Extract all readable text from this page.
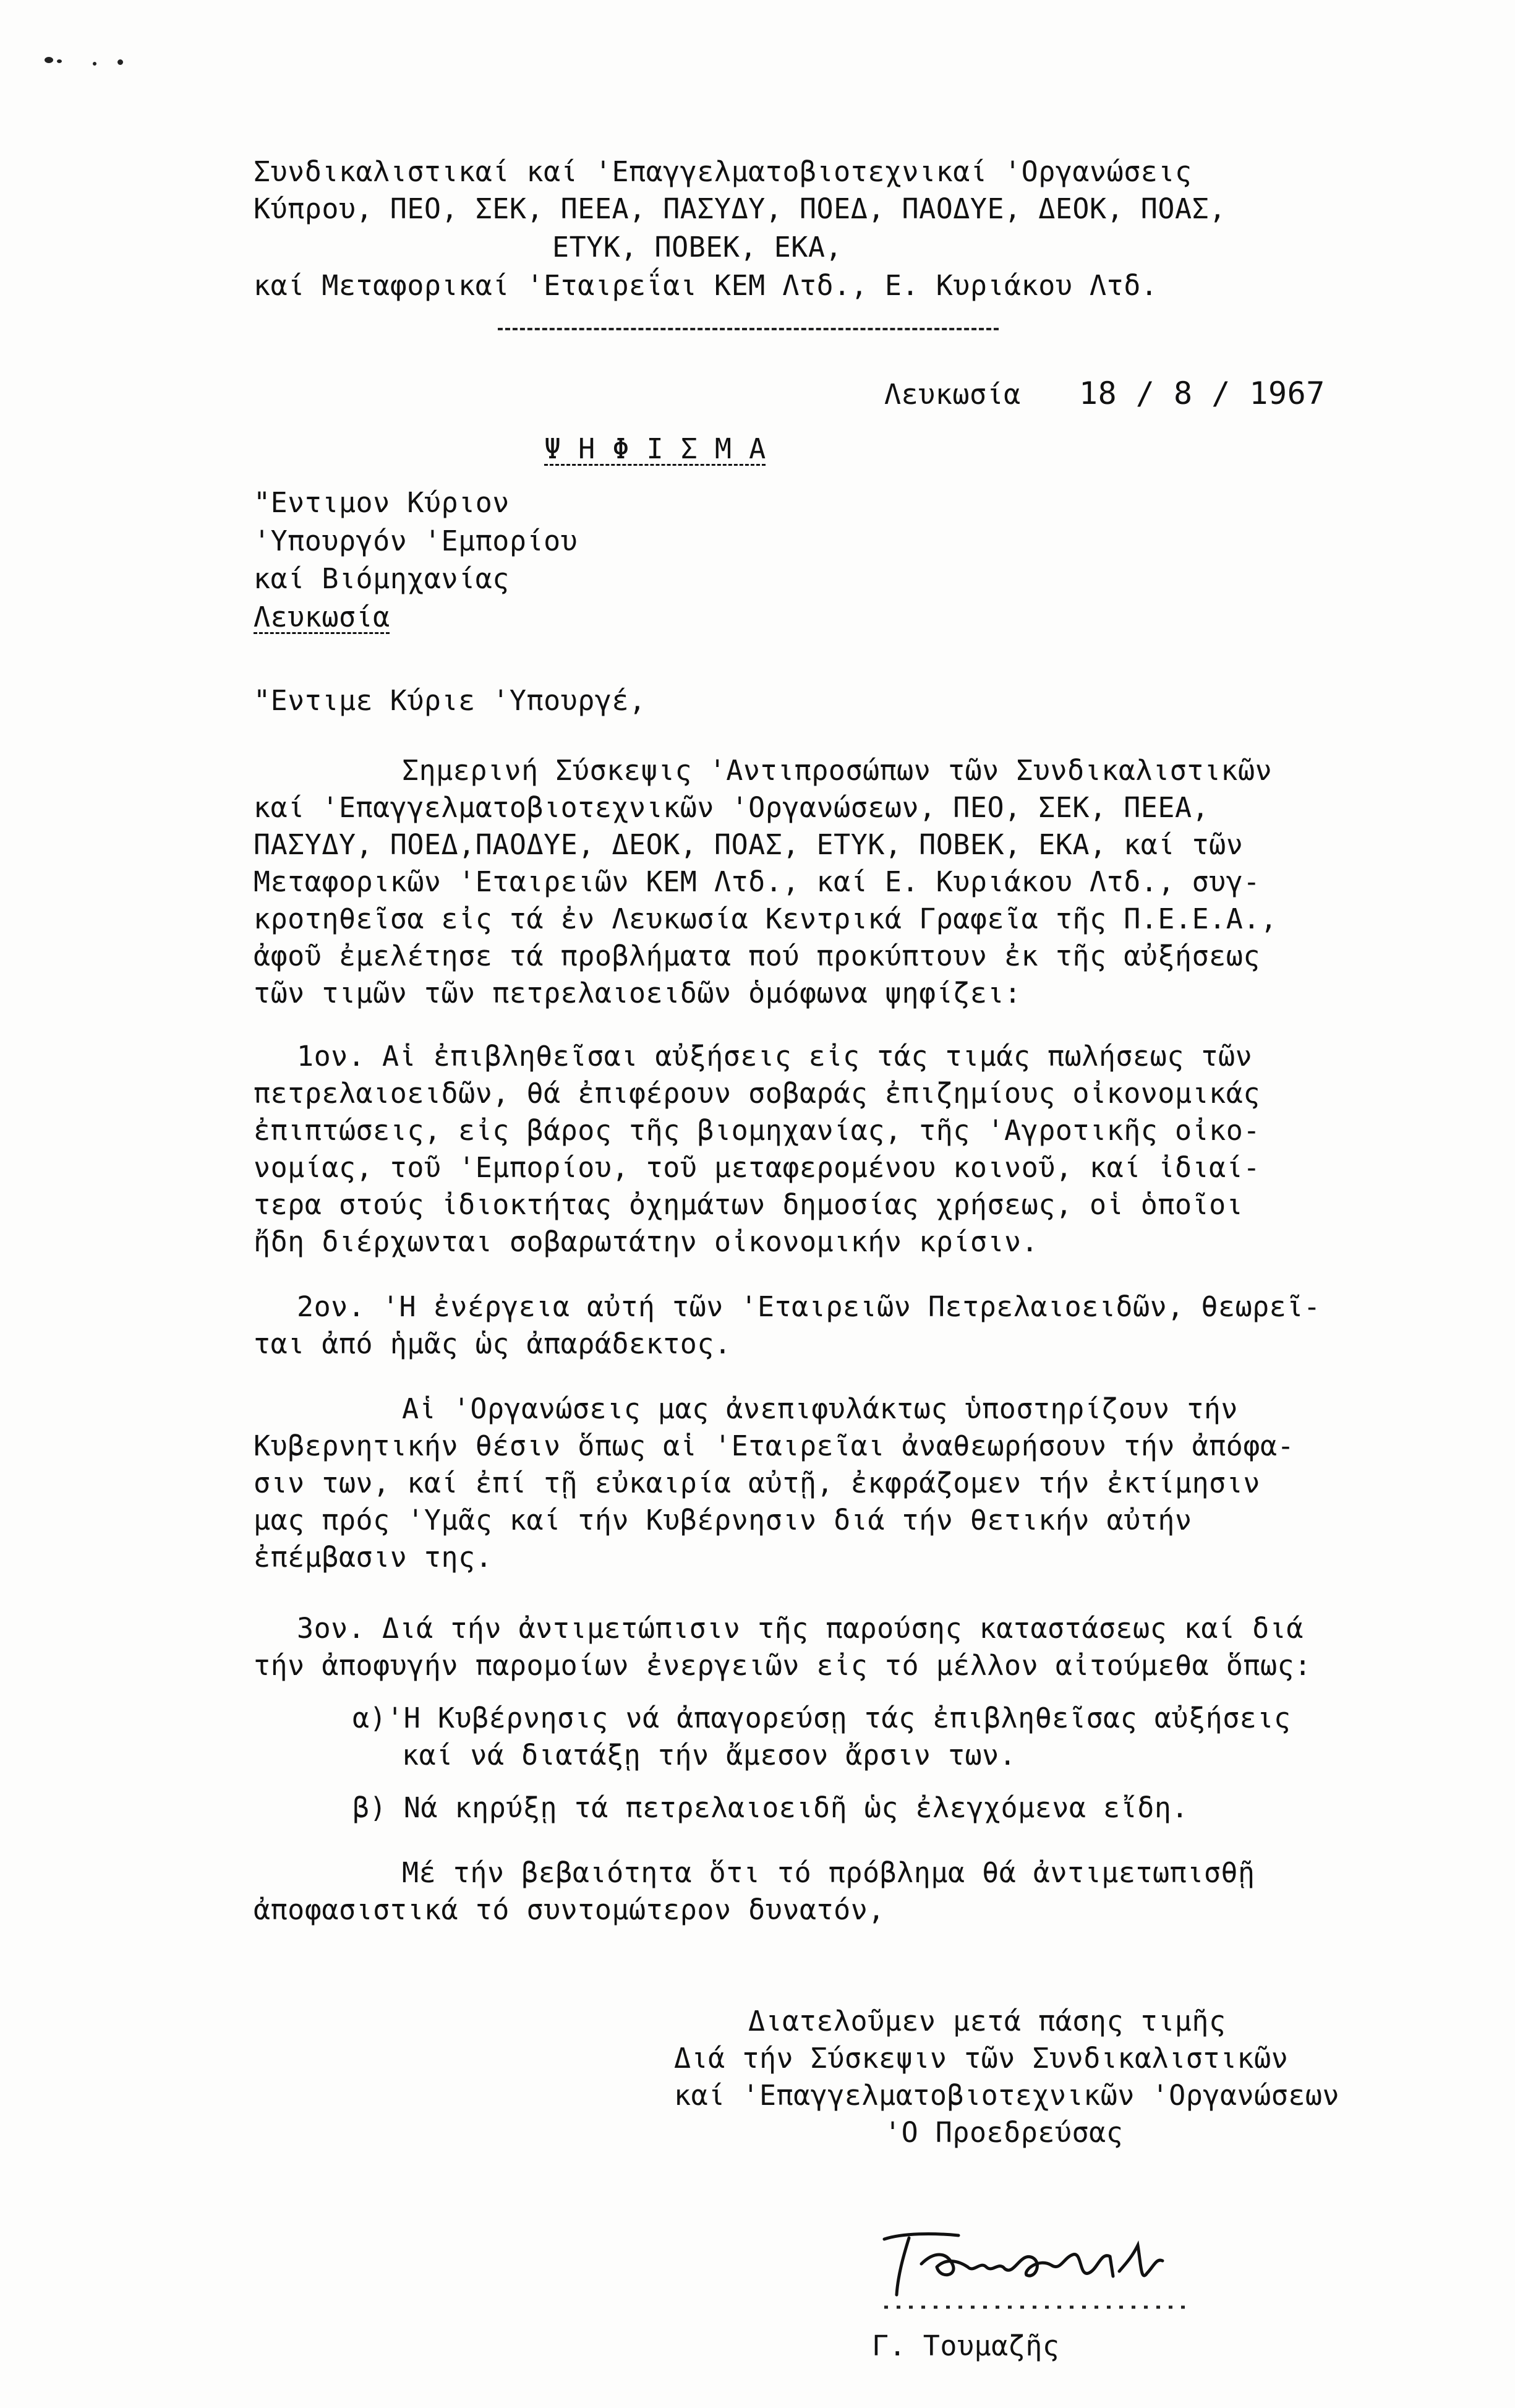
Συνδικαλιστικαί καί 'Επαγγελματοβιοτεχνικαί 'Οργανώσεις
Κύπρου, ΠΕΟ, ΣΕΚ, ΠΕΕΑ, ΠΑΣΥΔΥ, ΠΟΕΔ, ΠΑΟΔΥΕ, ΔΕΟΚ, ΠΟΑΣ,
ΕΤΥΚ, ΠΟΒΕΚ, ΕΚΑ,
καί Μεταφορικαί 'Εταιρεΐαι ΚΕΜ Λτδ., Ε. Κυριάκου Λτδ.
Λευκωσία 18 / 8 / 1967
Ψ Η Φ Ι Σ Μ Α
"Εντιμον Κύριον
'Υπουργόν 'Εμπορίου
καί Βιόμηχανίας
Λευκωσία
"Εντιμε Κύριε 'Υπουργέ,
Σημερινή Σύσκεψις 'Αντιπροσώπων τῶν Συνδικαλιστικῶν
καί 'Επαγγελματοβιοτεχνικῶν 'Οργανώσεων, ΠΕΟ, ΣΕΚ, ΠΕΕΑ,
ΠΑΣΥΔΥ, ΠΟΕΔ,ΠΑΟΔΥΕ, ΔΕΟΚ, ΠΟΑΣ, ΕΤΥΚ, ΠΟΒΕΚ, ΕΚΑ, καί τῶν
Μεταφορικῶν 'Εταιρειῶν ΚΕΜ Λτδ., καί Ε. Κυριάκου Λτδ., συγ-
κροτηθεῖσα εἰς τά ἐν Λευκωσία Κεντρικά Γραφεῖα τῆς Π.Ε.Ε.Α.,
ἀφοῦ ἐμελέτησε τά προβλήματα πού προκύπτουν ἐκ τῆς αὐξήσεως
τῶν τιμῶν τῶν πετρελαιοειδῶν ὁμόφωνα ψηφίζει:
1ον. Αἱ ἐπιβληθεῖσαι αὐξήσεις εἰς τάς τιμάς πωλήσεως τῶν
πετρελαιοειδῶν, θά ἐπιφέρουν σοβαράς ἐπιζημίους οἰκονομικάς
ἐπιπτώσεις, εἰς βάρος τῆς βιομηχανίας, τῆς 'Αγροτικῆς οἰκο-
νομίας, τοῦ 'Εμπορίου, τοῦ μεταφερομένου κοινοῦ, καί ἰδιαί-
τερα στούς ἰδιοκτήτας ὀχημάτων δημοσίας χρήσεως, οἱ ὁποῖοι
ἤδη διέρχωνται σοβαρωτάτην οἰκονομικήν κρίσιν.
2ον. 'Η ἐνέργεια αὐτή τῶν 'Εταιρειῶν Πετρελαιοειδῶν, θεωρεῖ-
ται ἀπό ἡμᾶς ὡς ἀπαράδεκτος.
Αἱ 'Οργανώσεις μας ἀνεπιφυλάκτως ὑποστηρίζουν τήν
Κυβερνητικήν θέσιν ὅπως αἱ 'Εταιρεῖαι ἀναθεωρήσουν τήν ἀπόφα-
σιν των, καί ἐπί τῇ εὐκαιρία αὐτῇ, ἐκφράζομεν τήν ἐκτίμησιν
μας πρός 'Υμᾶς καί τήν Κυβέρνησιν διά τήν θετικήν αὐτήν
ἐπέμβασιν της.
3ον. Διά τήν ἀντιμετώπισιν τῆς παρούσης καταστάσεως καί διά
τήν ἀποφυγήν παρομοίων ἐνεργειῶν εἰς τό μέλλον αἰτούμεθα ὅπως:
α)'Η Κυβέρνησις νά ἀπαγορεύσῃ τάς ἐπιβληθεῖσας αὐξήσεις
καί νά διατάξῃ τήν ἄμεσον ἄρσιν των.
β) Νά κηρύξῃ τά πετρελαιοειδῆ ὡς ἐλεγχόμενα εἴδη.
Μέ τήν βεβαιότητα ὅτι τό πρόβλημα θά ἀντιμετωπισθῇ
ἀποφασιστικά τό συντομώτερον δυνατόν,
Διατελοῦμεν μετά πάσης τιμῆς
Διά τήν Σύσκεψιν τῶν Συνδικαλιστικῶν
καί 'Επαγγελματοβιοτεχνικῶν 'Οργανώσεων
'Ο Προεδρεύσας
Γ. Τουμαζῆς
